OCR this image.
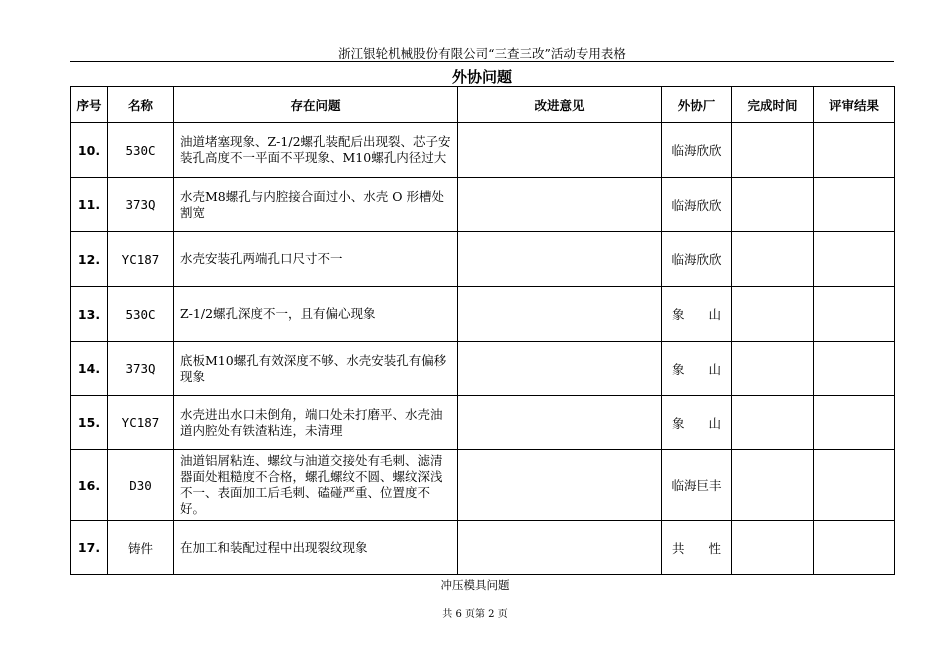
浙江银轮机械股份有限公司“三查三改”活动专用表格
外协问题
序号	名称	存在问题	改进意见	外协厂	完成时间	评审结果
10.	530C	油道堵塞现象、Z-1/2螺孔装配后出现裂、芯子安装孔高度不一平面不平现象、M10螺孔内径过大		临海欣欣		
11.	373Q	水壳M8螺孔与内腔接合面过小、水壳 O 形槽处割宽		临海欣欣		
12.	YC187	水壳安装孔两端孔口尺寸不一		临海欣欣		
13.	530C	Z-1/2螺孔深度不一，且有偏心现象		象 山		

14.	373Q	底板M10螺孔有效深度不够、水壳安装孔有偏移现象		象 山		

15.	YC187	水壳进出水口未倒角，端口处未打磨平、水壳油道内腔处有铁渣粘连，未清理		象 山		

16.	D30	油道铝屑粘连、螺纹与油道交接处有毛刺、滤清器面处粗糙度不合格，螺孔螺纹不圆、螺纹深浅不一、表面加工后毛刺、磕碰严重、位置度不好。		临海巨丰		
17.	铸件	在加工和装配过程中出现裂纹现象		共 性		

冲压模具问题
共 6 页第 2 页
